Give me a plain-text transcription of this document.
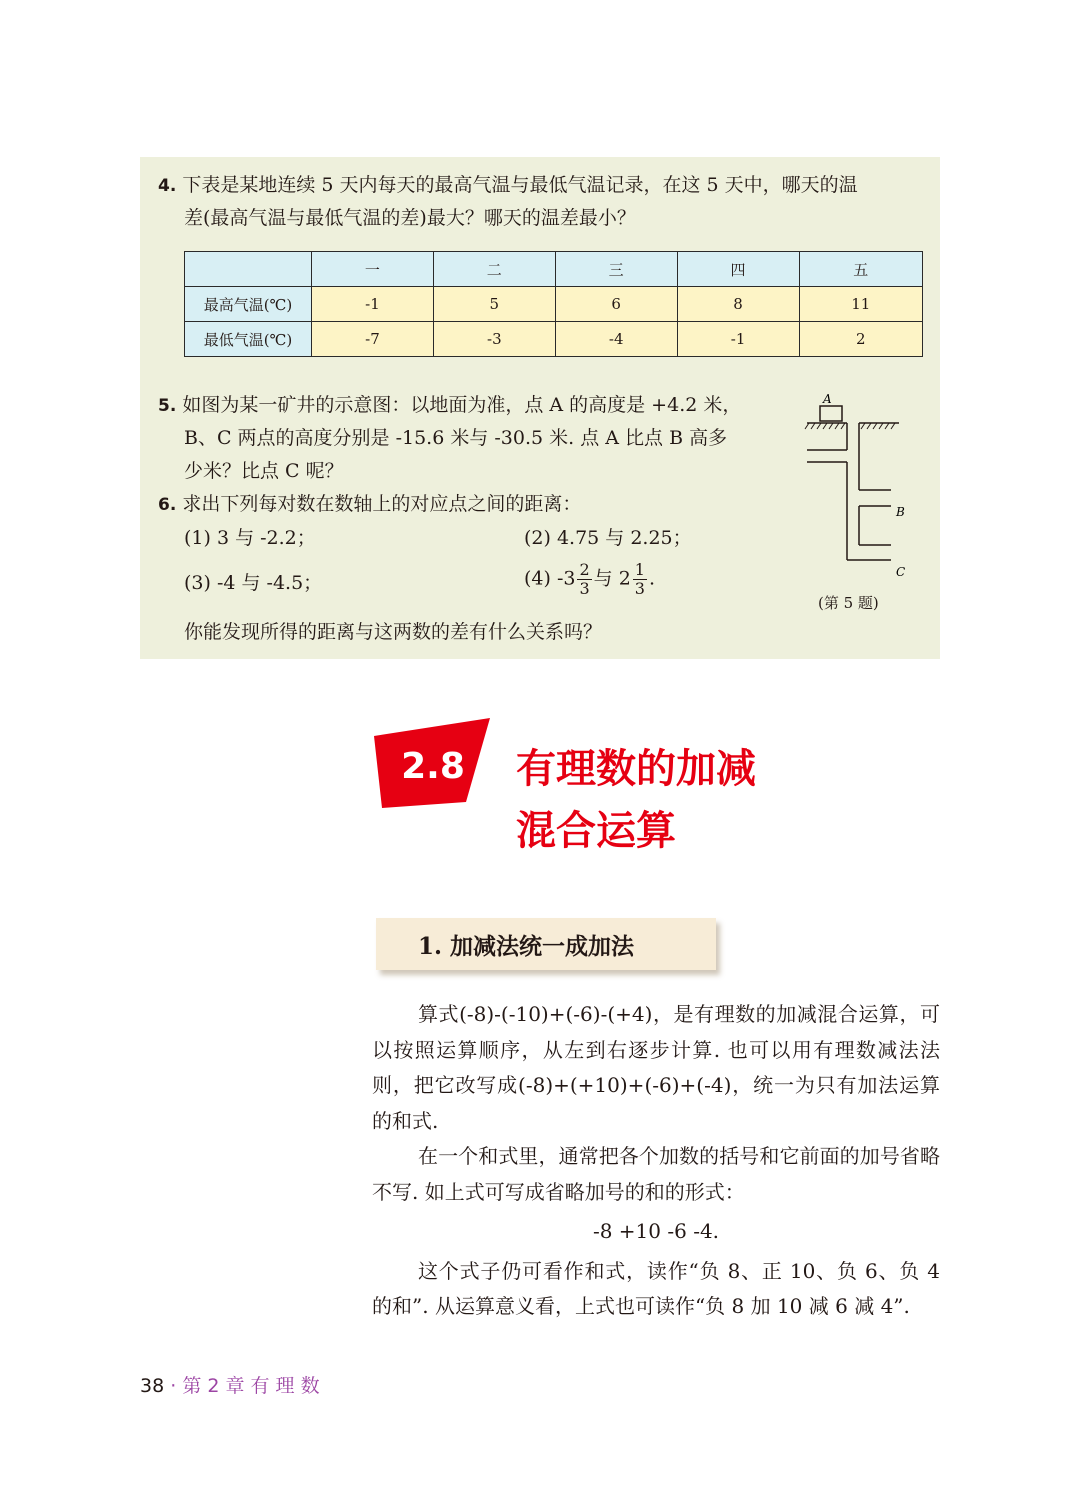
4. 下表是某地连续 5 天内每天的最高气温与最低气温记录，在这 5 天中，哪天的温
差(最高气温与最低气温的差)最大？哪天的温差最小？
	一	二	三	四	五
最高气温(℃)	-1	5	6	8	11
最低气温(℃)	-7	-3	-4	-1	2
5. 如图为某一矿井的示意图：以地面为准，点 A 的高度是 +4.2 米，
B、C 两点的高度分别是 -15.6 米与 -30.5 米. 点 A 比点 B 高多
少米？比点 C 呢？
6. 求出下列每对数在数轴上的对应点之间的距离：
(1) 3 与 -2.2；	(2) 4.75 与 2.25；
(3) -4 与 -4.5；	(4) $-3 \frac{2}{3}$ 与 $2 \frac{1}{3}$ .
你能发现所得的距离与这两数的差有什么关系吗？
A
B
C
(第 5 题)
2.8	有理数的加减
混合运算
1. 加减法统一成加法
算式(-8)-(-10)+(-6)-(+4)，是有理数的加减混合运算，可以按照运算顺序，从左到右逐步计算. 也可以用有理数减法法则，把它改写成(-8)+(+10)+(-6)+(-4)，统一为只有加法运算的和式.
在一个和式里，通常把各个加数的括号和它前面的加号省略不写. 如上式可写成省略加号的和的形式：
-8 +10 -6 -4.
这个式子仍可看作和式，读作“负 8、正 10、负 6、负 4 的和”. 从运算意义看，上式也可读作“负 8 加 10 减 6 减 4”.
38 · 第 2 章 有 理 数
